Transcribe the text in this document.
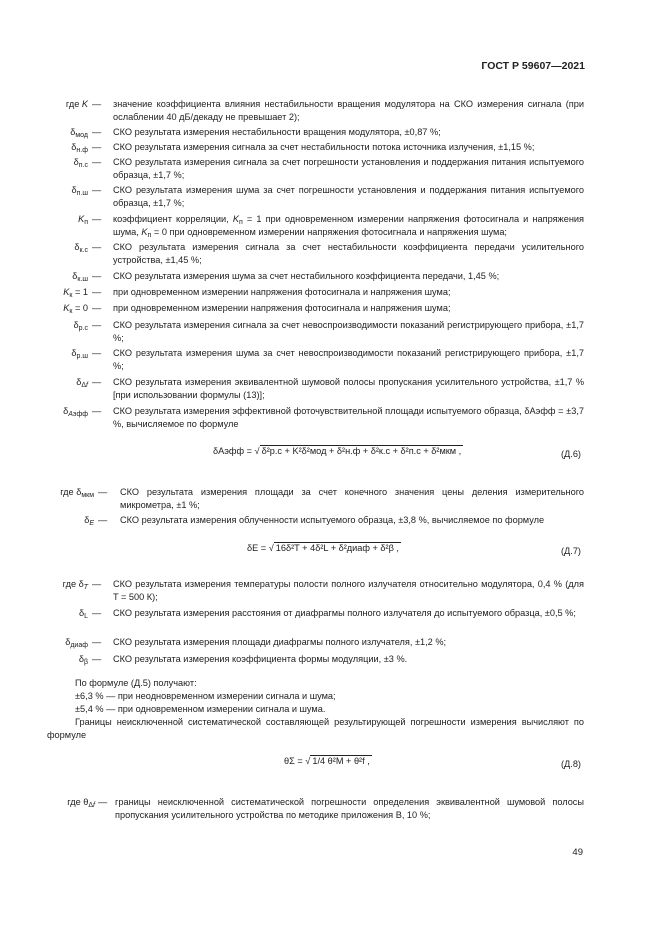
ГОСТ Р 59607—2021
где K — значение коэффициента влияния нестабильности вращения модулятора на СКО измерения сигнала (при ослаблении 40 дБ/декаду не превышает 2);
$\delta_{мод}$ — СКО результата измерения нестабильности вращения модулятора, ±0,87 %;
$\delta_{н.ф}$ — СКО результата измерения сигнала за счет нестабильности потока источника излучения, ±1,15 %;
$\delta_{п.с}$ — СКО результата измерения сигнала за счет погрешности установления и поддержания питания испытуемого образца, ±1,7 %;
$\delta_{п.ш}$ — СКО результата измерения шума за счет погрешности установления и поддержания питания испытуемого образца, ±1,7 %;
$K_п$ — коэффициент корреляции, $K_п = 1$ при одновременном измерении напряжения фотосигнала и напряжения шума, $K_п = 0$ при одновременном измерении напряжения фотосигнала и напряжения шума;
$\delta_{к.с}$ — СКО результата измерения сигнала за счет нестабильности коэффициента передачи усилительного устройства, ±1,45 %;
$\delta_{к.ш}$ — СКО результата измерения шума за счет нестабильного коэффициента передачи, 1,45 %;
$K_к = 1$ — при одновременном измерении напряжения фотосигнала и напряжения шума;
$K_к = 0$ — при одновременном измерении напряжения фотосигнала и напряжения шума;
$\delta_{р.с}$ — СКО результата измерения сигнала за счет невоспроизводимости показаний регистрирующего прибора, ±1,7 %;
$\delta_{р.ш}$ — СКО результата измерения шума за счет невоспроизводимости показаний регистрирующего прибора, ±1,7 %;
$\delta_{\Delta f}$ — СКО результата измерения эквивалентной шумовой полосы пропускания усилительного устройства, ±1,7 % [при использовании формулы (13)];
$\delta_{Aэфф}$ — СКО результата измерения эффективной фоточувствительной площади испытуемого образца, δAэфф = ±3,7 %, вычисляемое по формуле
δAэфф = √ δ²р.с + K²δ²мод + δ²н.ф + δ²к.с + δ²п.с + δ²мкм ,	(Д.6)
где $\delta_{мкм}$ — СКО результата измерения площади за счет конечного значения цены деления измерительного микрометра, ±1 %;
$\delta_E$ — СКО результата измерения облученности испытуемого образца, ±3,8 %, вычисляемое по формуле
δE = √ 16δ²T + 4δ²L + δ²диаф + δ²β ,	(Д.7)
где $\delta_T$ — СКО результата измерения температуры полости полного излучателя относительно модулятора, 0,4 % (для T = 500 К);
$\delta_L$ — СКО результата измерения расстояния от диафрагмы полного излучателя до испытуемого образца, ±0,5 %;
$\delta_{диаф}$ — СКО результата измерения площади диафрагмы полного излучателя, ±1,2 %;
$\delta_\beta$ — СКО результата измерения коэффициента формы модуляции, ±3 %.
По формуле (Д.5) получают:
±6,3 % — при неодновременном измерении сигнала и шума;
±5,4 % — при одновременном измерении сигнала и шума.
Границы неисключенной систематической составляющей результирующей погрешности измерения вычисляют по формуле
θΣ = √ 1/4 θ²M + θ²f ,	(Д.8)
где $\theta_{\Delta f}$ — границы неисключенной систематической погрешности определения эквивалентной шумовой полосы пропускания усилительного устройства по методике приложения В, 10 %;
49
